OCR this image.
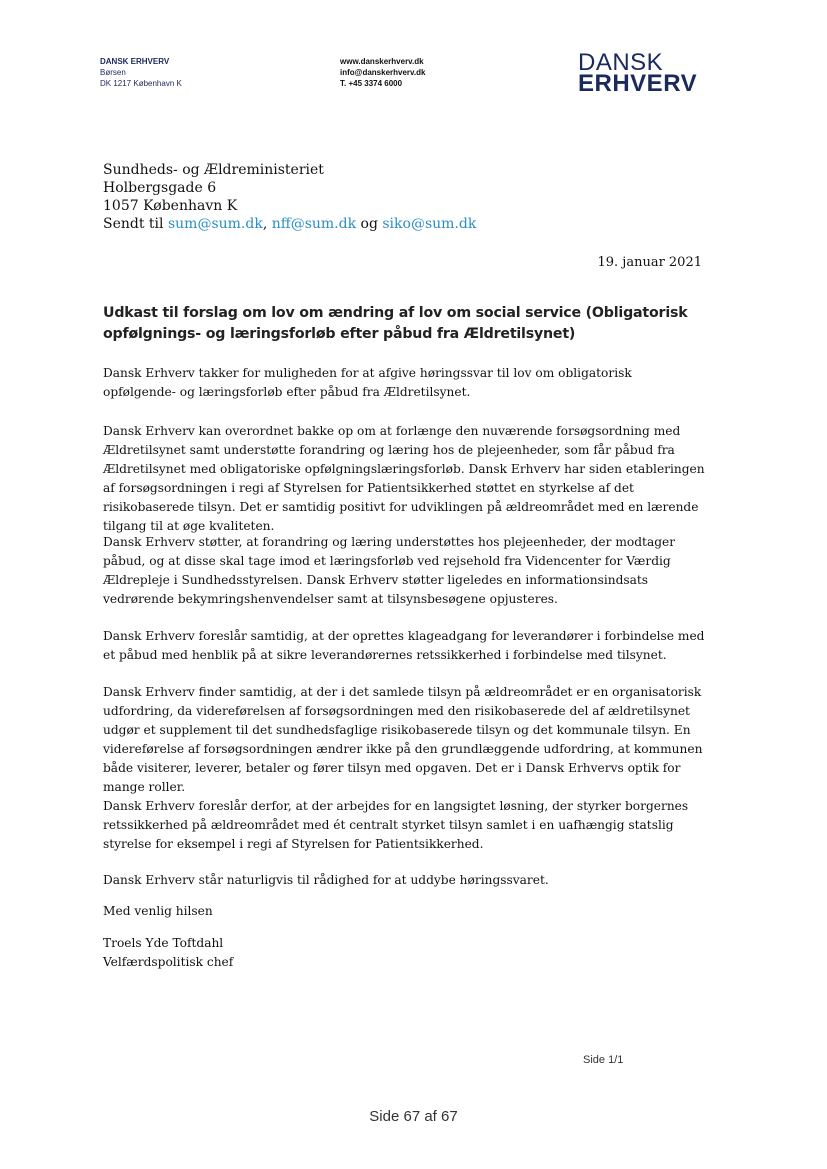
DANSK ERHVERV
Børsen
DK 1217 København K
www.danskerhverv.dk
info@danskerhverv.dk
T. +45 3374 6000
DANSK
ERHVERV
Sundheds- og Ældreministeriet
Holbergsgade 6
1057 København K
Sendt til sum@sum.dk, nff@sum.dk og siko@sum.dk
19. januar 2021
Udkast til forslag om lov om ændring af lov om social service (Obligatorisk opfølgnings- og læringsforløb efter påbud fra Ældretilsynet)

Dansk Erhverv takker for muligheden for at afgive høringssvar til lov om obligatorisk opfølgende- og læringsforløb efter påbud fra Ældretilsynet.

Dansk Erhverv kan overordnet bakke op om at forlænge den nuværende forsøgsordning med Ældretilsynet samt understøtte forandring og læring hos de plejeenheder, som får påbud fra Ældretilsynet med obligatoriske opfølgningslæringsforløb. Dansk Erhverv har siden etableringen af forsøgsordningen i regi af Styrelsen for Patientsikkerhed støttet en styrkelse af det risikobaserede tilsyn. Det er samtidig positivt for udviklingen på ældreområdet med en lærende tilgang til at øge kvaliteten.

Dansk Erhverv støtter, at forandring og læring understøttes hos plejeenheder, der modtager påbud, og at disse skal tage imod et læringsforløb ved rejsehold fra Videncenter for Værdig Ældrepleje i Sundhedsstyrelsen. Dansk Erhverv støtter ligeledes en informationsindsats vedrørende bekymringshenvendelser samt at tilsynsbesøgene opjusteres.

Dansk Erhverv foreslår samtidig, at der oprettes klageadgang for leverandører i forbindelse med et påbud med henblik på at sikre leverandørernes retssikkerhed i forbindelse med tilsynet.

Dansk Erhverv finder samtidig, at der i det samlede tilsyn på ældreområdet er en organisatorisk udfordring, da videreførelsen af forsøgsordningen med den risikobaserede del af ældretilsynet udgør et supplement til det sundhedsfaglige risikobaserede tilsyn og det kommunale tilsyn. En videreførelse af forsøgsordningen ændrer ikke på den grundlæggende udfordring, at kommunen både visiterer, leverer, betaler og fører tilsyn med opgaven. Det er i Dansk Erhvervs optik for mange roller.

Dansk Erhverv foreslår derfor, at der arbejdes for en langsigtet løsning, der styrker borgernes retssikkerhed på ældreområdet med ét centralt styrket tilsyn samlet i en uafhængig statslig styrelse for eksempel i regi af Styrelsen for Patientsikkerhed.

Dansk Erhverv står naturligvis til rådighed for at uddybe høringssvaret.

Med venlig hilsen

Troels Yde Toftdahl
Velfærdspolitisk chef
Side 1/1
Side 67 af 67
